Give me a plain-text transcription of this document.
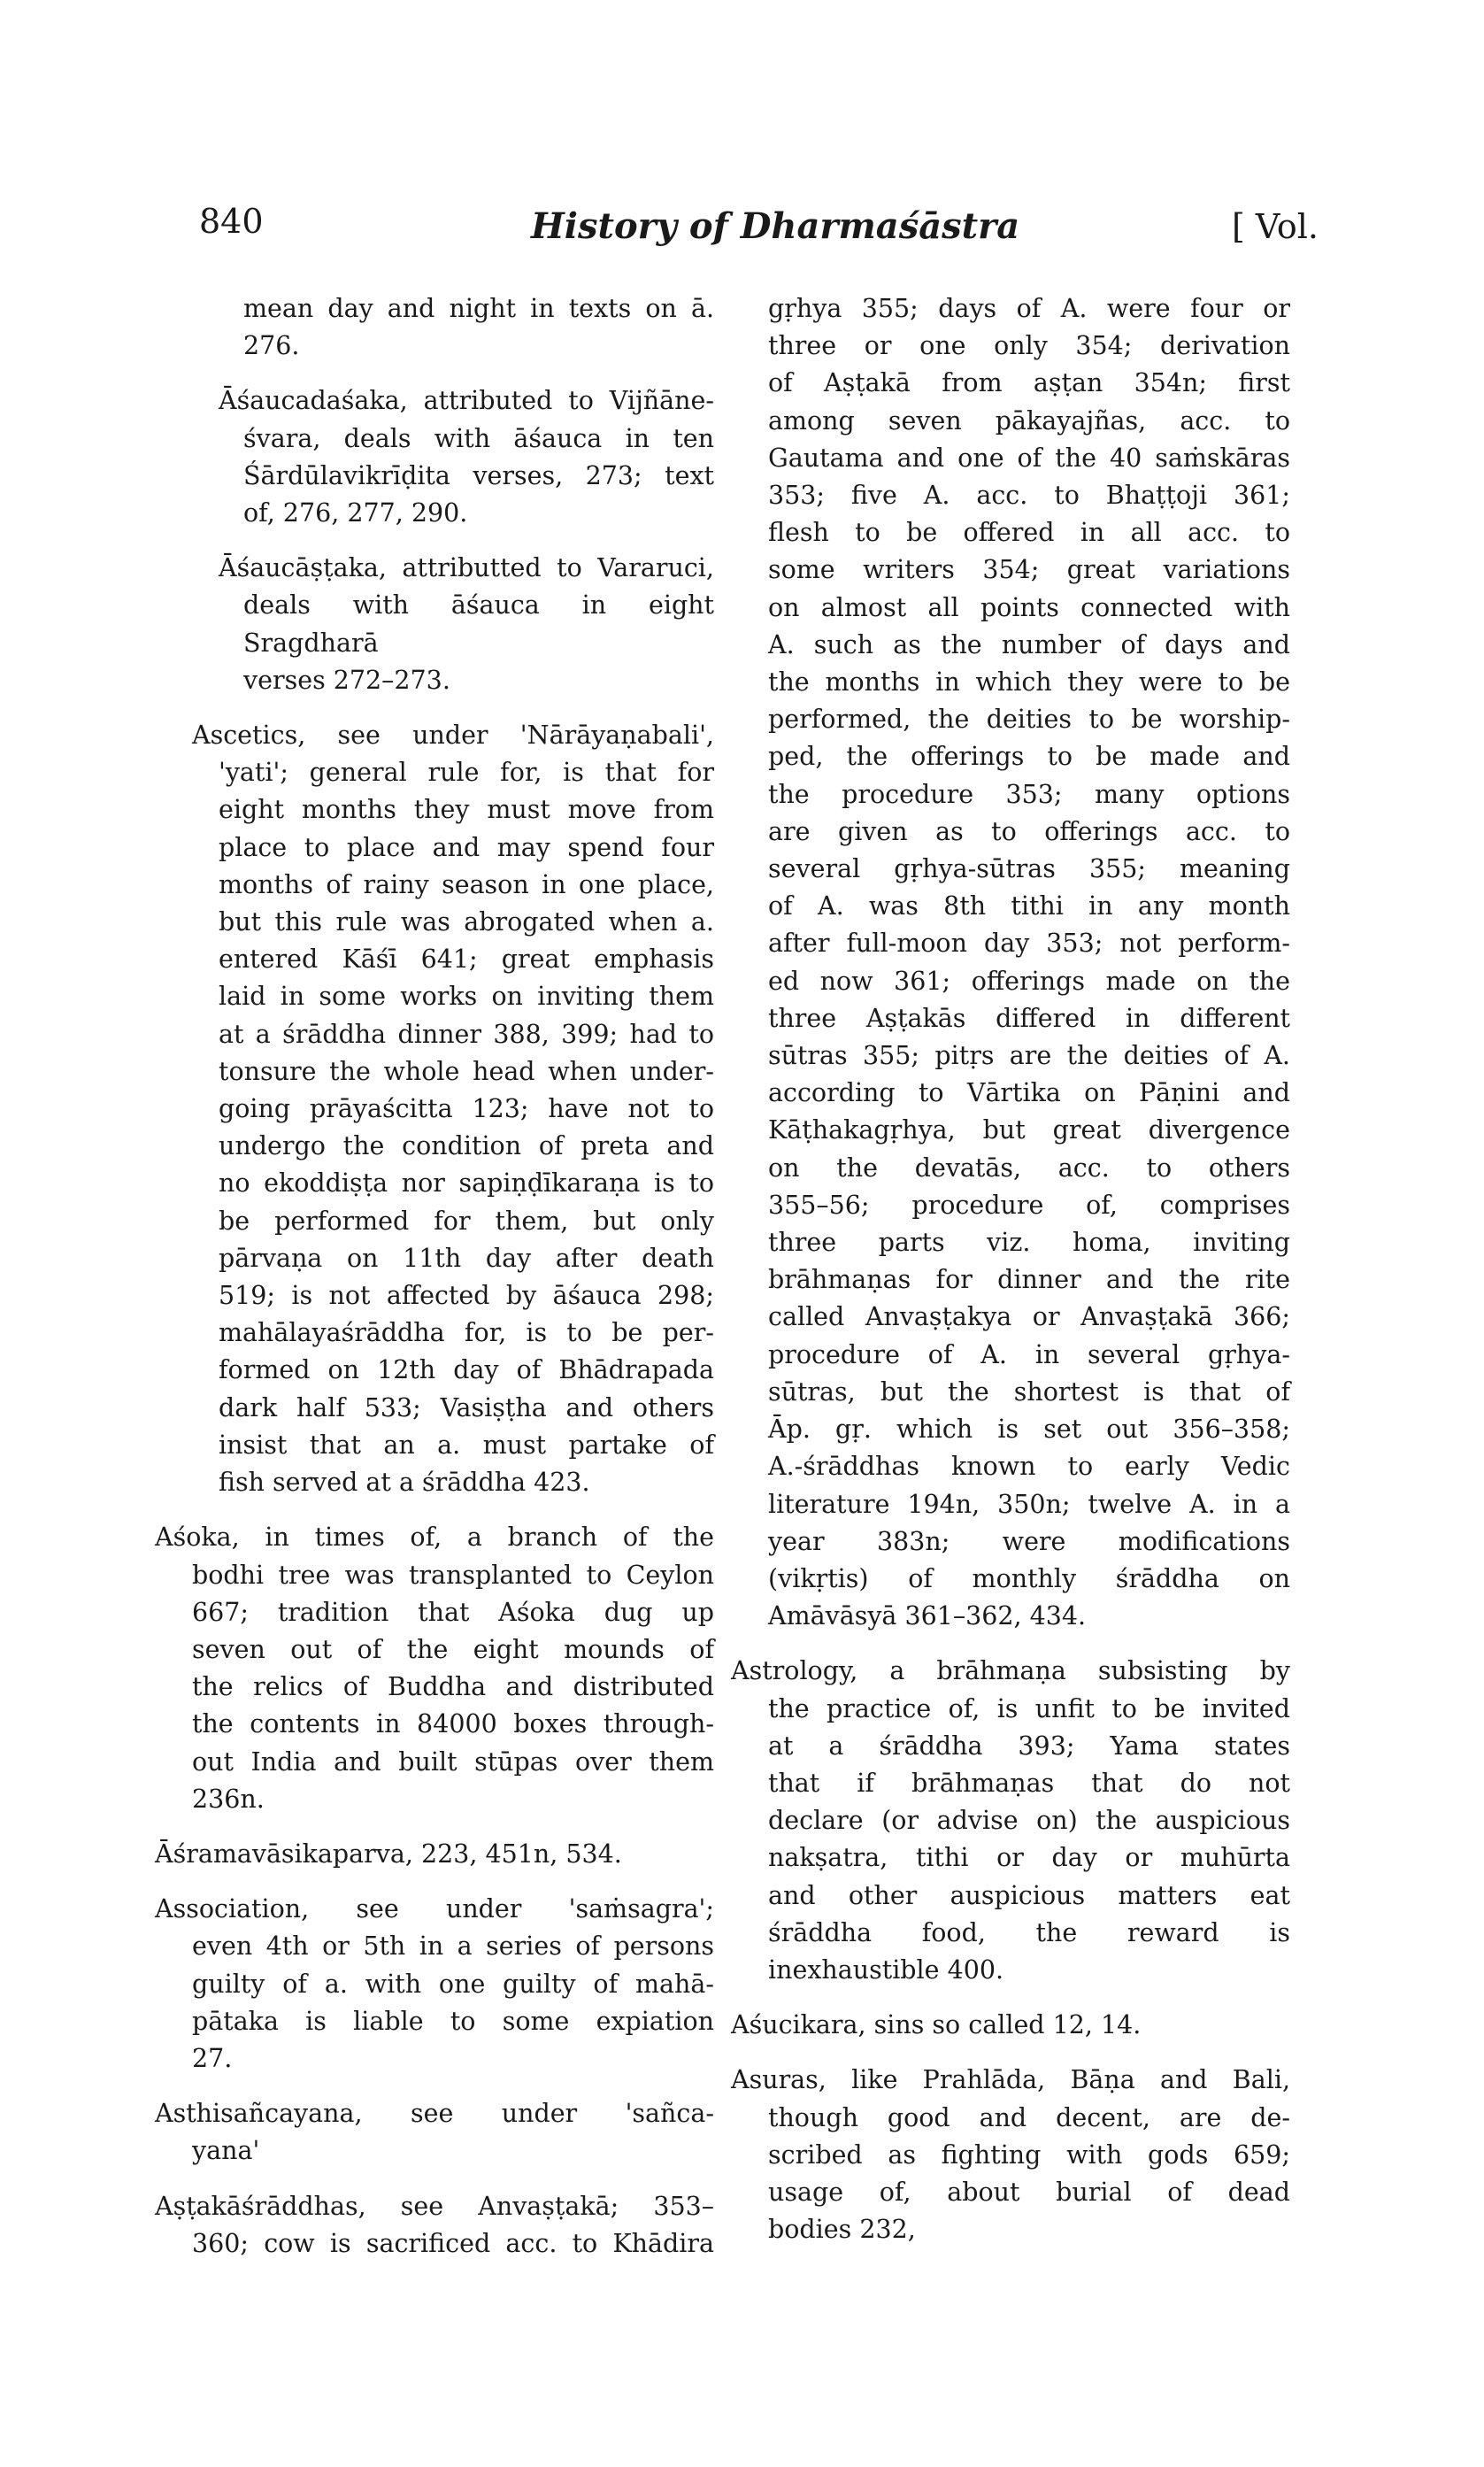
840	History of Dharmaśāstra	[ Vol.
mean day and night in texts on ā.
276.
Āśaucadaśaka, attributed to Vijñāne-
śvara, deals with āśauca in ten
Śārdūlavikrīḍita verses, 273; text
of, 276, 277, 290.
Āśaucāṣṭaka, attributted to Vararuci,
deals with āśauca in eight Sragdharā
verses 272–273.
Ascetics, see under 'Nārāyaṇabali',
'yati'; general rule for, is that for
eight months they must move from
place to place and may spend four
months of rainy season in one place,
but this rule was abrogated when a.
entered Kāśī 641; great emphasis
laid in some works on inviting them
at a śrāddha dinner 388, 399; had to
tonsure the whole head when under-
going prāyaścitta 123; have not to
undergo the condition of preta and
no ekoddiṣṭa nor sapiṇḍīkaraṇa is to
be performed for them, but only
pārvaṇa on 11th day after death
519; is not affected by āśauca 298;
mahālayaśrāddha for, is to be per-
formed on 12th day of Bhādrapada
dark half 533; Vasiṣṭha and others
insist that an a. must partake of
fish served at a śrāddha 423.
Aśoka, in times of, a branch of the
bodhi tree was transplanted to Ceylon
667; tradition that Aśoka dug up
seven out of the eight mounds of
the relics of Buddha and distributed
the contents in 84000 boxes through-
out India and built stūpas over them
236n.
Āśramavāsikaparva, 223, 451n, 534.
Association, see under 'saṁsagra';
even 4th or 5th in a series of persons
guilty of a. with one guilty of mahā-
pātaka is liable to some expiation
27.
Asthisañcayana, see under 'sañca-
yana'
Aṣṭakāśrāddhas, see Anvaṣṭakā; 353–
360; cow is sacrificed acc. to Khādira
gṛhya 355; days of A. were four or
three or one only 354; derivation
of Aṣṭakā from aṣṭan 354n; first
among seven pākayajñas, acc. to
Gautama and one of the 40 saṁskāras
353; five A. acc. to Bhaṭṭoji 361;
flesh to be offered in all acc. to
some writers 354; great variations
on almost all points connected with
A. such as the number of days and
the months in which they were to be
performed, the deities to be worship-
ped, the offerings to be made and
the procedure 353; many options
are given as to offerings acc. to
several gṛhya-sūtras 355; meaning
of A. was 8th tithi in any month
after full-moon day 353; not perform-
ed now 361; offerings made on the
three Aṣṭakās differed in different
sūtras 355; pitṛs are the deities of A.
according to Vārtika on Pāṇini and
Kāṭhakagṛhya, but great divergence
on the devatās, acc. to others
355–56; procedure of, comprises
three parts viz. homa, inviting
brāhmaṇas for dinner and the rite
called Anvaṣṭakya or Anvaṣṭakā 366;
procedure of A. in several gṛhya-
sūtras, but the shortest is that of
Āp. gṛ. which is set out 356–358;
A.-śrāddhas known to early Vedic
literature 194n, 350n; twelve A. in a
year 383n; were modifications
(vikṛtis) of monthly śrāddha on
Amāvāsyā 361–362, 434.
Astrology, a brāhmaṇa subsisting by
the practice of, is unfit to be invited
at a śrāddha 393; Yama states
that if brāhmaṇas that do not
declare (or advise on) the auspicious
nakṣatra, tithi or day or muhūrta
and other auspicious matters eat
śrāddha food, the reward is
inexhaustible 400.
Aśucikara, sins so called 12, 14.
Asuras, like Prahlāda, Bāṇa and Bali,
though good and decent, are de-
scribed as fighting with gods 659;
usage of, about burial of dead
bodies 232,
